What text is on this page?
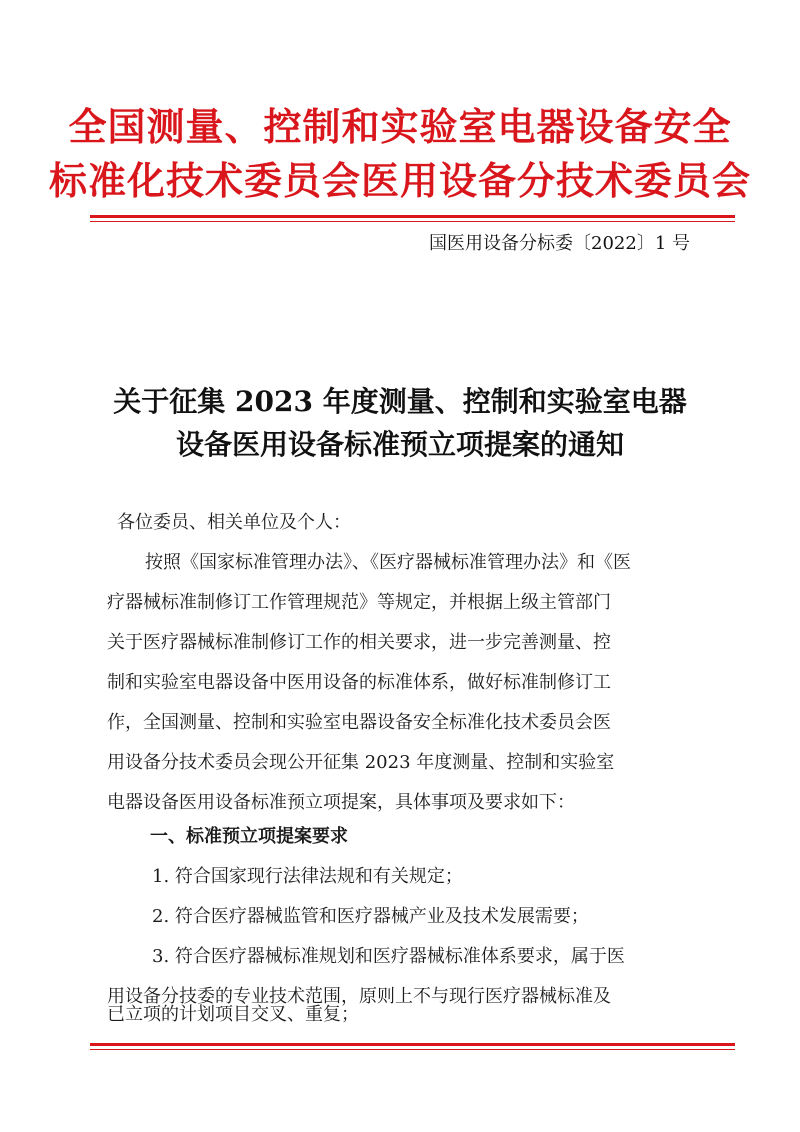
全国测量、控制和实验室电器设备安全
标准化技术委员会医用设备分技术委员会
国医用设备分标委〔2022〕1 号
关于征集 2023 年度测量、控制和实验室电器
设备医用设备标准预立项提案的通知
各位委员、相关单位及个人：
按照《国家标准管理办法》、《医疗器械标准管理办法》和《医
疗器械标准制修订工作管理规范》等规定，并根据上级主管部门
关于医疗器械标准制修订工作的相关要求，进一步完善测量、控
制和实验室电器设备中医用设备的标准体系，做好标准制修订工
作，全国测量、控制和实验室电器设备安全标准化技术委员会医
用设备分技术委员会现公开征集 2023 年度测量、控制和实验室
电器设备医用设备标准预立项提案，具体事项及要求如下：
一、标准预立项提案要求
1. 符合国家现行法律法规和有关规定；
2. 符合医疗器械监管和医疗器械产业及技术发展需要；
3. 符合医疗器械标准规划和医疗器械标准体系要求，属于医
用设备分技委的专业技术范围，原则上不与现行医疗器械标准及
已立项的计划项目交叉、重复；
